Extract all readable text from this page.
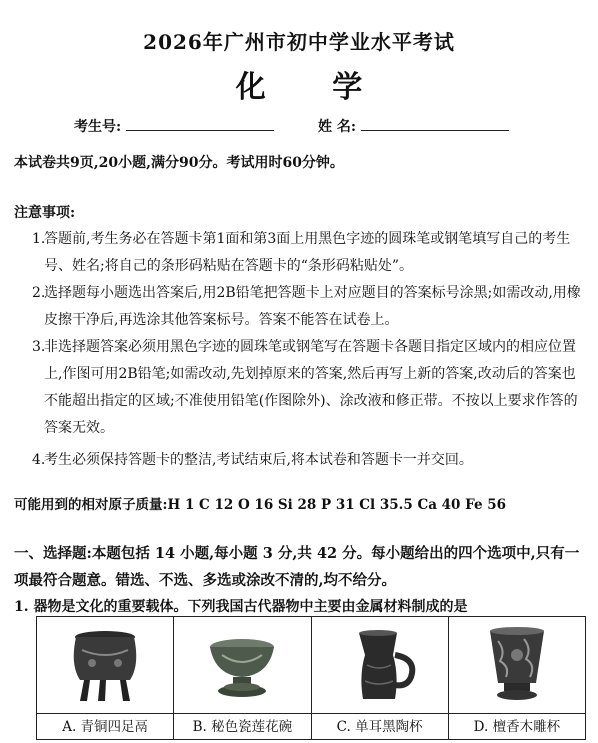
2026年广州市初中学业水平考试
化 学
考生号:	姓 名:
本试卷共9页,20小题,满分90分。考试用时60分钟。
注意事项:
1.
答题前,考生务必在答题卡第1面和第3面上用黑色字迹的圆珠笔或钢笔填写自己的考生号、姓名;将自己的条形码粘贴在答题卡的“条形码粘贴处”。
2.
选择题每小题选出答案后,用2B铅笔把答题卡上对应题目的答案标号涂黑;如需改动,用橡皮擦干净后,再选涂其他答案标号。答案不能答在试卷上。
3.
非选择题答案必须用黑色字迹的圆珠笔或钢笔写在答题卡各题目指定区域内的相应位置上,作图可用2B铅笔;如需改动,先划掉原来的答案,然后再写上新的答案,改动后的答案也不能超出指定的区域;不准使用铅笔(作图除外)、涂改液和修正带。不按以上要求作答的答案无效。
4.
考生必须保持答题卡的整洁,考试结束后,将本试卷和答题卡一并交回。
可能用到的相对原子质量:H 1 C 12 O 16 Si 28 P 31 Cl 35.5 Ca 40 Fe 56
一、选择题:本题包括 14 小题,每小题 3 分,共 42 分。每小题给出的四个选项中,只有一项最符合题意。错选、不选、多选或涂改不清的,均不给分。
1. 器物是文化的重要载体。下列我国古代器物中主要由金属材料制成的是
A. 青铜四足鬲	B. 秘色瓷莲花碗	C. 单耳黑陶杯	D. 檀香木雕杯
